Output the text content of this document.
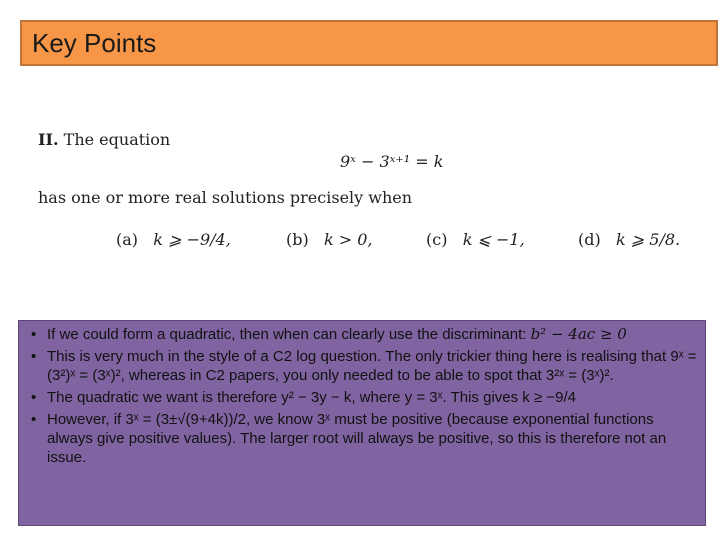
Key Points
II. The equation
9ˣ − 3ˣ⁺¹ = k
has one or more real solutions precisely when
(a) k ⩾ −9/4,	(b) k > 0,	(c) k ⩽ −1,	(d) k ⩾ 5/8.
• If we could form a quadratic, then when can clearly use the discriminant: b² − 4ac ≥ 0
• This is very much in the style of a C2 log question. The only trickier thing here is realising that 9ˣ = (3²)ˣ = (3ˣ)², whereas in C2 papers, you only needed to be able to spot that 3²ˣ = (3ˣ)².
• The quadratic we want is therefore y² − 3y − k, where y = 3ˣ. This gives k ≥ −9/4
• However, if 3ˣ = (3±√(9+4k))/2, we know 3ˣ must be positive (because exponential functions always give positive values). The larger root will always be positive, so this is therefore not an issue.
